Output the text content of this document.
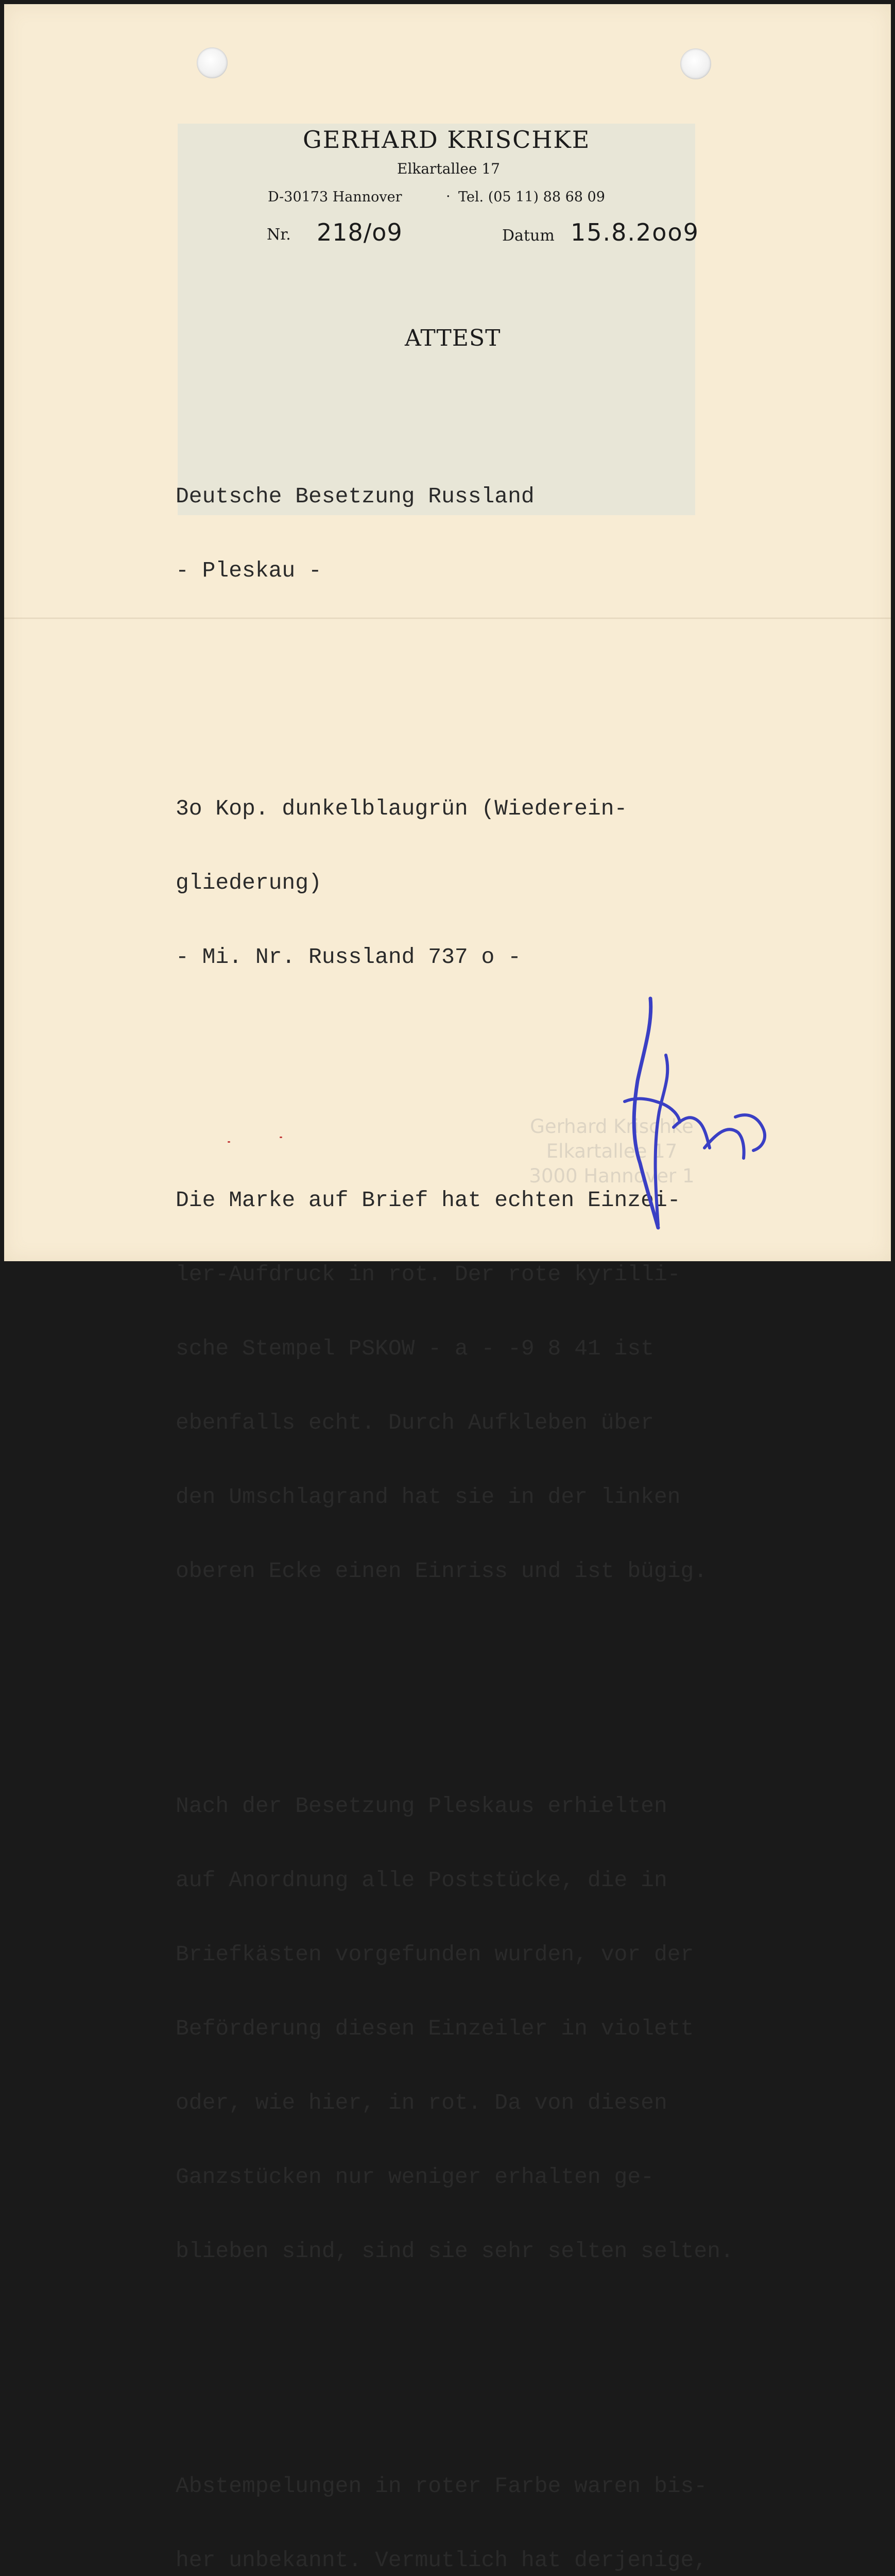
GERHARD KRISCHKE
Elkartallee 17
D-30173 Hannover	· Tel. (05 11) 88 68 09
Nr. 218/o9	Datum 15.8.2oo9
ATTEST

Deutsche Besetzung Russland

- Pleskau -

3o Kop. dunkelblaugrün (Wiederein-

gliederung)

- Mi. Nr. Russland 737 o -

Die Marke auf Brief hat echten Einzei-

ler-Aufdruck in rot. Der rote kyrilli-

sche Stempel PSKOW - a - -9 8 41 ist

ebenfalls echt. Durch Aufkleben über

den Umschlagrand hat sie in der linken

oberen Ecke einen Einriss und ist bügig.

Nach der Besetzung Pleskaus erhielten

auf Anordnung alle Poststücke, die in

Briefkästen vorgefunden wurden, vor der

Beförderung diesen Einzeiler in violett

oder, wie hier, in rot. Da von diesen

Ganzstücken nur weniger erhalten ge-

blieben sind, sind sie sehr selten selten.

Abstempelungen in roter Farbe waren bis-

her unbekannt. Vermutlich hat derjenige,

Gerhard Krischke
Elkartallee 17
3000 Hannover 1
